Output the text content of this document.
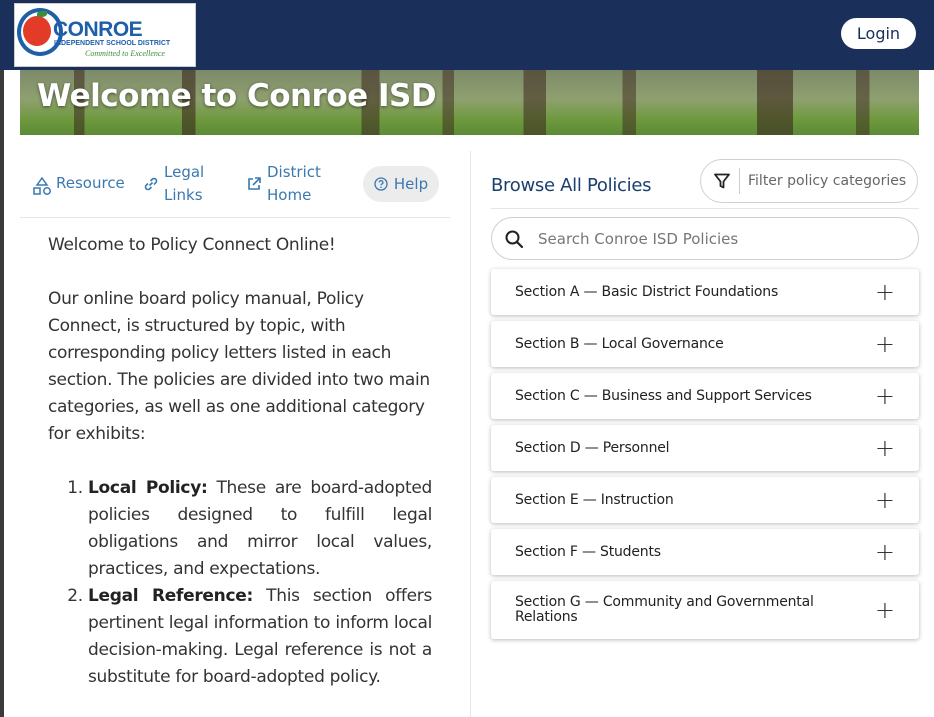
CONROE
INDEPENDENT SCHOOL DISTRICT
Committed to Excellence
Login
Welcome to Conroe ISD
Resource
Legal
Links
District
Home
Help

Welcome to Policy Connect Online!

Our online board policy manual, Policy Connect, is structured by topic, with corresponding policy letters listed in each section. The policies are divided into two main categories, as well as one additional category for exhibits:

1. Local Policy: These are board-adopted policies designed to fulfill legal obligations and mirror local values, practices, and expectations.
2. Legal Reference: This section offers pertinent legal information to inform local decision-making. Legal reference is not a substitute for board-adopted policy.
Browse All Policies
Filter policy categories
Search Conroe ISD Policies
Section A — Basic District Foundations	+
Section B — Local Governance	+
Section C — Business and Support Services	+
Section D — Personnel	+
Section E — Instruction	+
Section F — Students	+
Section G — Community and Governmental Relations	+
